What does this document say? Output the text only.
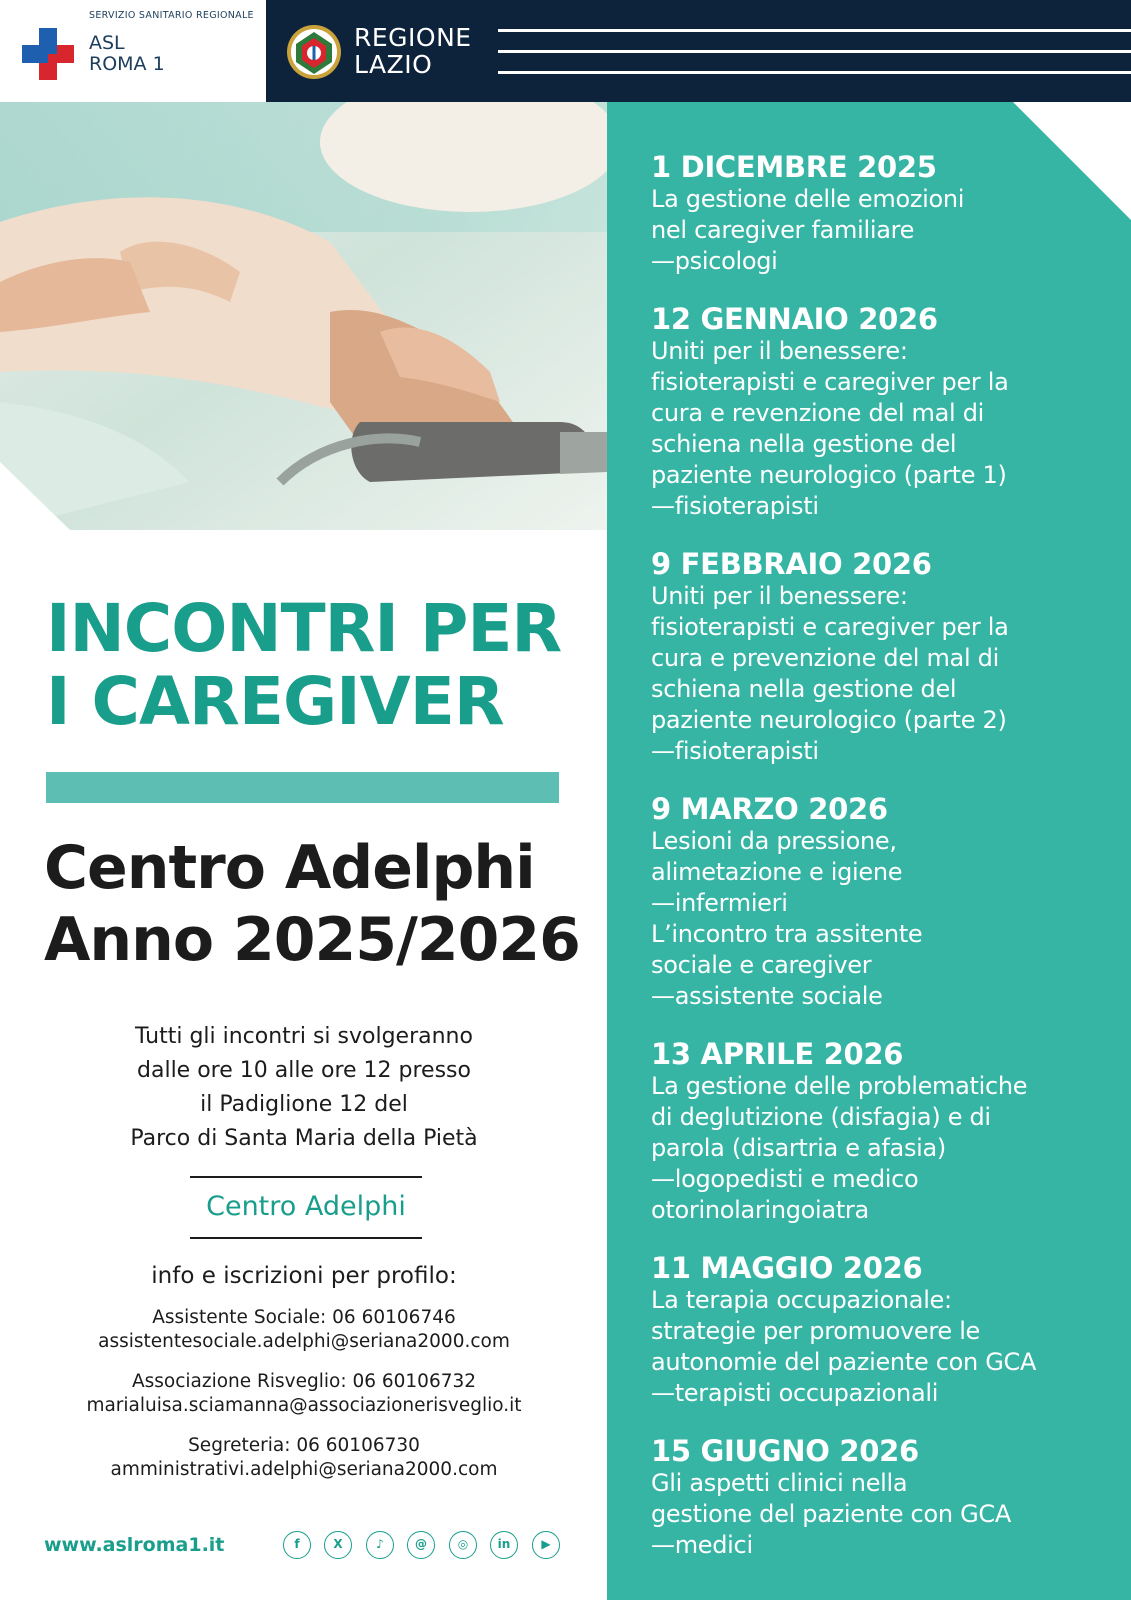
SERVIZIO SANITARIO REGIONALE
ASL
ROMA 1
REGIONE
LAZIO
INCONTRI PER
I CAREGIVER
Centro Adelphi
Anno 2025/2026
Tutti gli incontri si svolgeranno
dalle ore 10 alle ore 12 presso
il Padiglione 12 del
Parco di Santa Maria della Pietà
Centro Adelphi
info e iscrizioni per profilo:
Assistente Sociale: 06 60106746
assistentesociale.adelphi@seriana2000.com
Associazione Risveglio: 06 60106732
marialuisa.sciamanna@associazionerisveglio.it
Segreteria: 06 60106730
amministrativi.adelphi@seriana2000.com
www.aslroma1.it	f	X	♪	@	◎	in	▶
1 DICEMBRE 2025
La gestione delle emozioni
nel caregiver familiare
—psicologi
12 GENNAIO 2026
Uniti per il benessere:
fisioterapisti e caregiver per la
cura e revenzione del mal di
schiena nella gestione del
paziente neurologico (parte 1)
—fisioterapisti
9 FEBBRAIO 2026
Uniti per il benessere:
fisioterapisti e caregiver per la
cura e prevenzione del mal di
schiena nella gestione del
paziente neurologico (parte 2)
—fisioterapisti
9 MARZO 2026
Lesioni da pressione,
alimetazione e igiene
—infermieri
L’incontro tra assitente
sociale e caregiver
—assistente sociale
13 APRILE 2026
La gestione delle problematiche
di deglutizione (disfagia) e di
parola (disartria e afasia)
—logopedisti e medico
otorinolaringoiatra
11 MAGGIO 2026
La terapia occupazionale:
strategie per promuovere le
autonomie del paziente con GCA
—terapisti occupazionali
15 GIUGNO 2026
Gli aspetti clinici nella
gestione del paziente con GCA
—medici
